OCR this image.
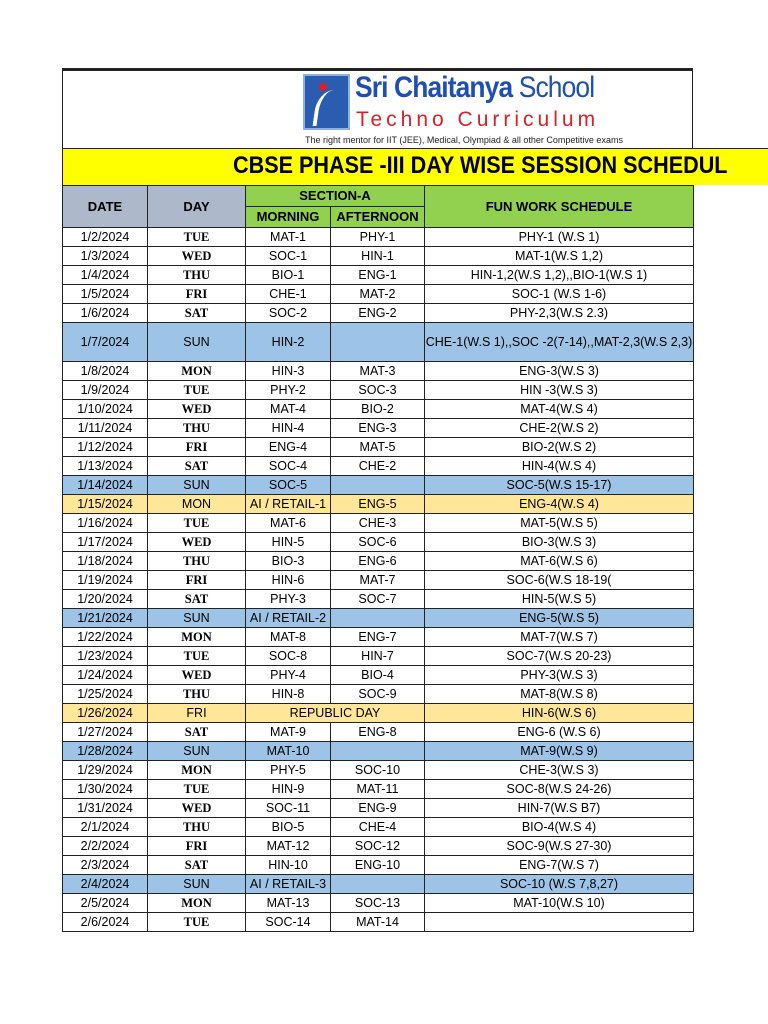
Sri Chaitanya School
Techno Curriculum
The right mentor for IIT (JEE), Medical, Olympiad & all other Competitive exams
CBSE PHASE -III DAY WISE SESSION SCHEDUL
DATE	DAY	SECTION-A		FUN WORK SCHEDULE
		MORNING	AFTERNOON	
1/2/2024	TUE	MAT-1	PHY-1	PHY-1 (W.S 1)
1/3/2024	WED	SOC-1	HIN-1	MAT-1(W.S 1,2)
1/4/2024	THU	BIO-1	ENG-1	HIN-1,2(W.S 1,2),,BIO-1(W.S 1)
1/5/2024	FRI	CHE-1	MAT-2	SOC-1 (W.S 1-6)
1/6/2024	SAT	SOC-2	ENG-2	PHY-2,3(W.S 2.3)
1/7/2024	SUN	HIN-2		CHE-1(W.S 1),,SOC -2(7-14),,MAT-2,3(W.S 2,3)
1/8/2024	MON	HIN-3	MAT-3	ENG-3(W.S 3)
1/9/2024	TUE	PHY-2	SOC-3	HIN -3(W.S 3)
1/10/2024	WED	MAT-4	BIO-2	MAT-4(W.S 4)
1/11/2024	THU	HIN-4	ENG-3	CHE-2(W.S 2)
1/12/2024	FRI	ENG-4	MAT-5	BIO-2(W.S 2)
1/13/2024	SAT	SOC-4	CHE-2	HIN-4(W.S 4)
1/14/2024	SUN	SOC-5		SOC-5(W.S 15-17)
1/15/2024	MON	AI / RETAIL-1	ENG-5	ENG-4(W.S 4)
1/16/2024	TUE	MAT-6	CHE-3	MAT-5(W.S 5)
1/17/2024	WED	HIN-5	SOC-6	BIO-3(W.S 3)
1/18/2024	THU	BIO-3	ENG-6	MAT-6(W.S 6)
1/19/2024	FRI	HIN-6	MAT-7	SOC-6(W.S 18-19(
1/20/2024	SAT	PHY-3	SOC-7	HIN-5(W.S 5)
1/21/2024	SUN	AI / RETAIL-2		ENG-5(W.S 5)
1/22/2024	MON	MAT-8	ENG-7	MAT-7(W.S 7)
1/23/2024	TUE	SOC-8	HIN-7	SOC-7(W.S 20-23)
1/24/2024	WED	PHY-4	BIO-4	PHY-3(W.S 3)
1/25/2024	THU	HIN-8	SOC-9	MAT-8(W.S 8)
1/26/2024	FRI	REPUBLIC DAY		HIN-6(W.S 6)
1/27/2024	SAT	MAT-9	ENG-8	ENG-6 (W.S 6)
1/28/2024	SUN	MAT-10		MAT-9(W.S 9)
1/29/2024	MON	PHY-5	SOC-10	CHE-3(W.S 3)
1/30/2024	TUE	HIN-9	MAT-11	SOC-8(W.S 24-26)
1/31/2024	WED	SOC-11	ENG-9	HIN-7(W.S B7)
2/1/2024	THU	BIO-5	CHE-4	BIO-4(W.S 4)
2/2/2024	FRI	MAT-12	SOC-12	SOC-9(W.S 27-30)
2/3/2024	SAT	HIN-10	ENG-10	ENG-7(W.S 7)
2/4/2024	SUN	AI / RETAIL-3		SOC-10 (W.S 7,8,27)
2/5/2024	MON	MAT-13	SOC-13	MAT-10(W.S 10)
2/6/2024	TUE	SOC-14	MAT-14	
